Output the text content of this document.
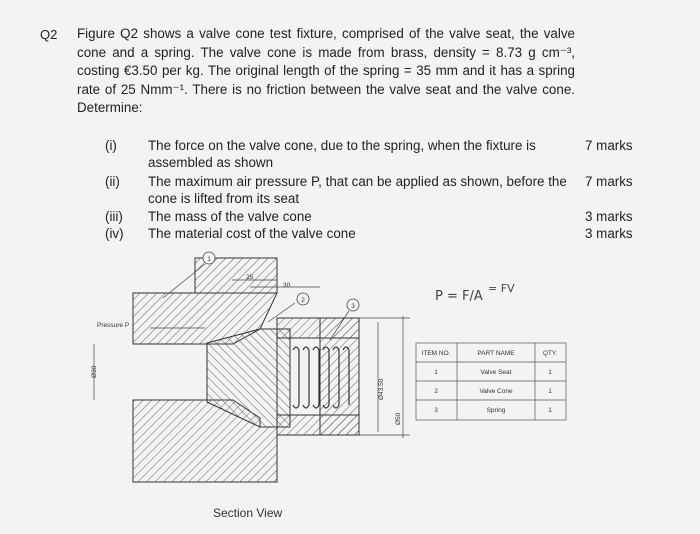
Q2 Figure Q2 shows a valve cone test fixture, comprised of the valve seat, the valve cone and a spring. The valve cone is made from brass, density = 8.73 g cm⁻³, costing €3.50 per kg. The original length of the spring = 35 mm and it has a spring rate of 25 Nmm⁻¹. There is no friction between the valve seat and the valve cone. Determine:

(i) The force on the valve cone, due to the spring, when the fixture is assembled as shown
7 marks
(ii) The maximum air pressure P, that can be applied as shown, before the cone is lifted from its seat
7 marks
(iii) The mass of the valve cone	3 marks
(iv) The material cost of the valve cone	3 marks
25
30
Ø30
Ø43.50
Ø50
Pressure P
1
2
3
P = F/A
= FV
ITEM NO.	PART NAME	QTY.
1	Valve Seat	1
2	Valve Cone	1
3	Spring	1
Section View
